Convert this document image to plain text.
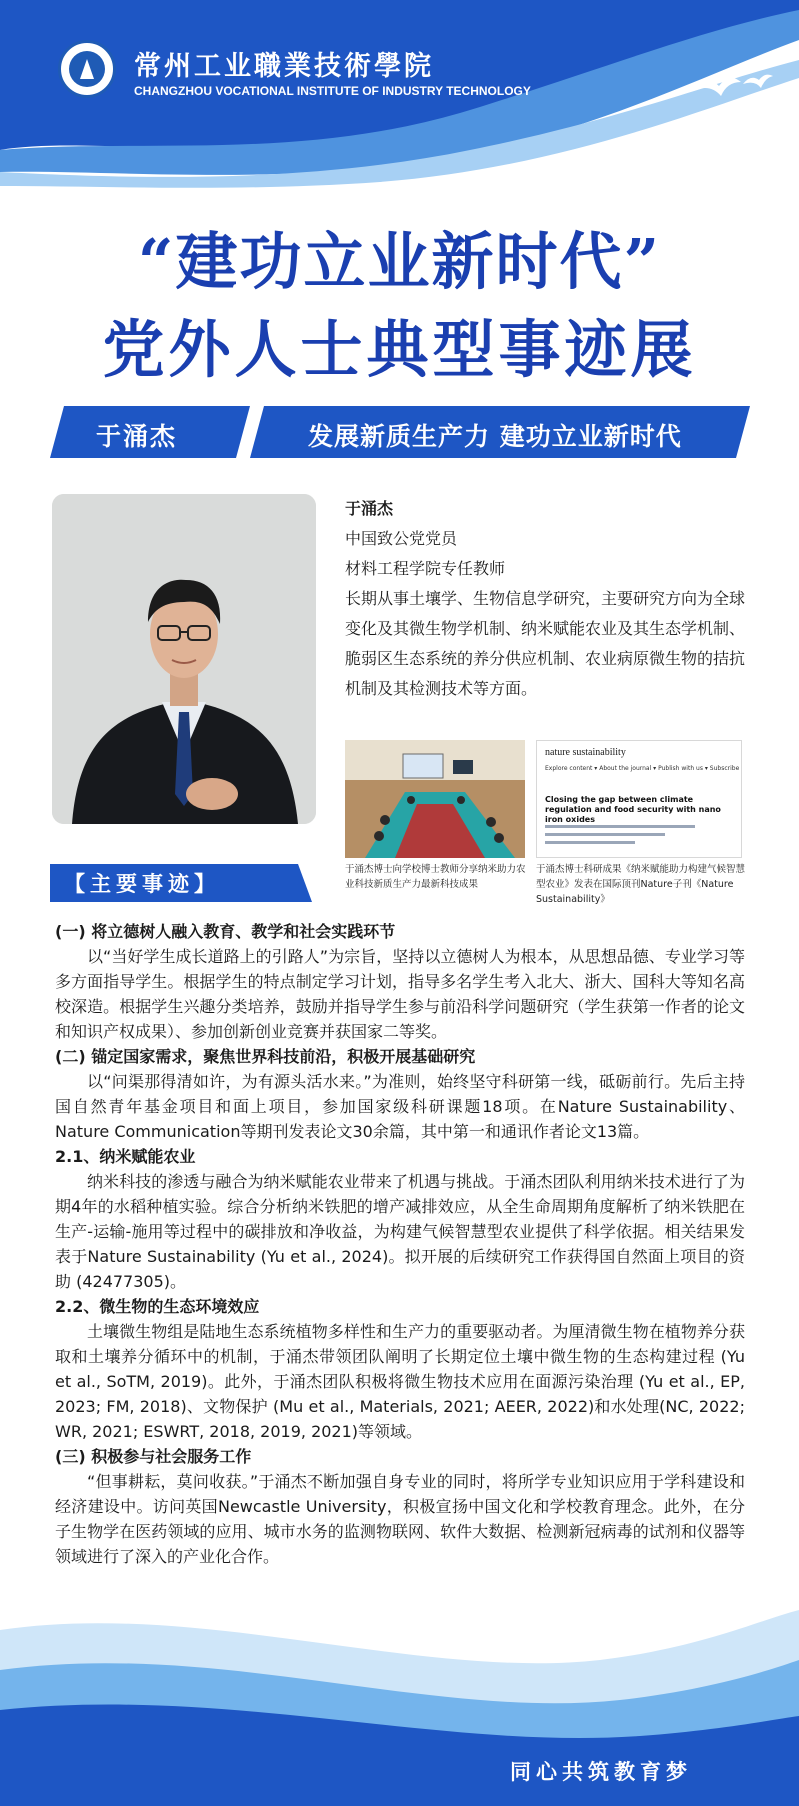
常州工业職業技術學院
CHANGZHOU VOCATIONAL INSTITUTE OF INDUSTRY TECHNOLOGY
“建功立业新时代”
党外人士典型事迹展
于涌杰	发展新质生产力 建功立业新时代
于涌杰
中国致公党党员
材料工程学院专任教师
长期从事土壤学、生物信息学研究，主要研究方向为全球变化及其微生物学机制、纳米赋能农业及其生态学机制、脆弱区生态系统的养分供应机制、农业病原微生物的拮抗机制及其检测技术等方面。
nature sustainability
Explore content ▾ About the journal ▾ Publish with us ▾ Subscribe
Closing the gap between climate regulation and food security with nano iron oxides
【主要事迹】
于涌杰博士向学校博士教师分享纳米助力农业科技新质生产力最新科技成果
于涌杰博士科研成果《纳米赋能助力构建气候智慧型农业》发表在国际顶刊Nature子刊《Nature Sustainability》
(一) 将立德树人融入教育、教学和社会实践环节
以“当好学生成长道路上的引路人”为宗旨，坚持以立德树人为根本，从思想品德、专业学习等多方面指导学生。根据学生的特点制定学习计划，指导多名学生考入北大、浙大、国科大等知名高校深造。根据学生兴趣分类培养，鼓励并指导学生参与前沿科学问题研究（学生获第一作者的论文和知识产权成果）、参加创新创业竞赛并获国家二等奖。
(二) 锚定国家需求，聚焦世界科技前沿，积极开展基础研究
以“问渠那得清如许，为有源头活水来。”为准则，始终坚守科研第一线，砥砺前行。先后主持国自然青年基金项目和面上项目，参加国家级科研课题18项。在Nature Sustainability、Nature Communication等期刊发表论文30余篇，其中第一和通讯作者论文13篇。
2.1、纳米赋能农业
纳米科技的渗透与融合为纳米赋能农业带来了机遇与挑战。于涌杰团队利用纳米技术进行了为期4年的水稻种植实验。综合分析纳米铁肥的增产减排效应，从全生命周期角度解析了纳米铁肥在生产-运输-施用等过程中的碳排放和净收益，为构建气候智慧型农业提供了科学依据。相关结果发表于Nature Sustainability (Yu et al., 2024)。拟开展的后续研究工作获得国自然面上项目的资助 (42477305)。
2.2、微生物的生态环境效应
土壤微生物组是陆地生态系统植物多样性和生产力的重要驱动者。为厘清微生物在植物养分获取和土壤养分循环中的机制，于涌杰带领团队阐明了长期定位土壤中微生物的生态构建过程 (Yu et al., SoTM, 2019)。此外，于涌杰团队积极将微生物技术应用在面源污染治理 (Yu et al., EP, 2023; FM, 2018)、文物保护 (Mu et al., Materials, 2021; AEER, 2022)和水处理(NC, 2022; WR, 2021; ESWRT, 2018, 2019, 2021)等领域。
(三) 积极参与社会服务工作
“但事耕耘，莫问收获。”于涌杰不断加强自身专业的同时，将所学专业知识应用于学科建设和经济建设中。访问英国Newcastle University，积极宣扬中国文化和学校教育理念。此外，在分子生物学在医药领域的应用、城市水务的监测物联网、软件大数据、检测新冠病毒的试剂和仪器等领域进行了深入的产业化合作。
同心共筑教育梦
